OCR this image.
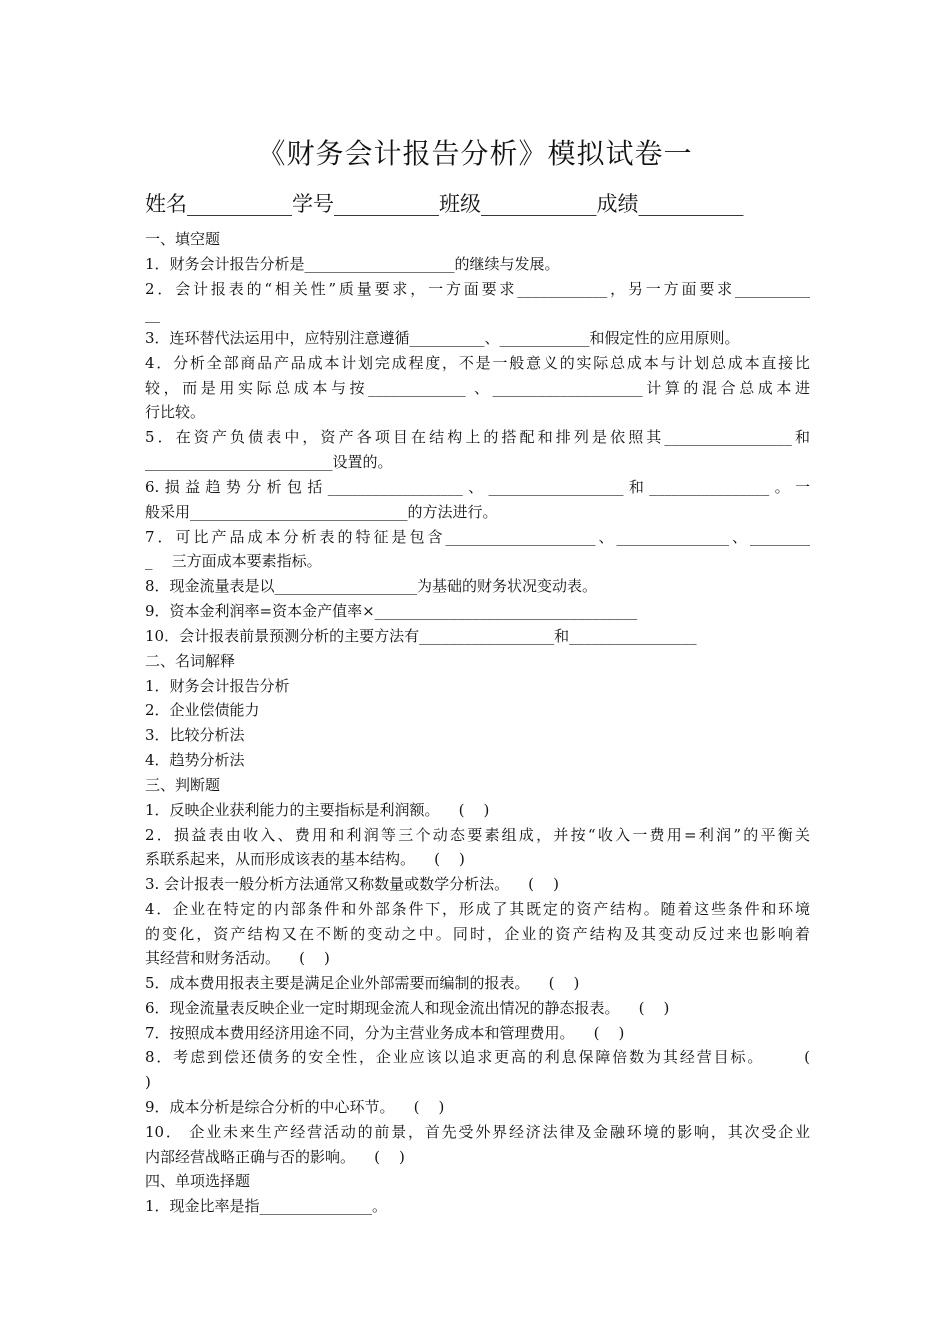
《财务会计报告分析》模拟试卷一
姓名__________学号__________班级___________成绩__________
一、填空题
1．财务会计报告分析是____________________的继续与发展。
2．会计报表的“相关性”质量要求，一方面要求____________，另一方面要求__________
__
3．连环替代法运用中，应特别注意遵循__________、____________和假定性的应用原则。
4．分析全部商品产品成本计划完成程度，不是一般意义的实际总成本与计划总成本直接比
较，而是用实际总成本与按_____________ 、____________________计算的混合总成本进
行比较。
5．在资产负债表中，资产各项目在结构上的搭配和排列是依照其_________________和
_________________________设置的。
6.损益趋势分析包括__________________、__________________和________________。一
般采用_____________________________的方法进行。
7．可比产品成本分析表的特征是包含____________________、_______________、________
_    三方面成本要素指标。
8．现金流量表是以___________________为基础的财务状况变动表。
9．资本金利润率=资本金产值率×___________________________________
10．会计报表前景预测分析的主要方法有__________________和_________________
二、名词解释
1．财务会计报告分析
2．企业偿债能力
3．比较分析法
4．趋势分析法
三、判断题
1．反映企业获利能力的主要指标是利润额。    (    )
2．损益表由收入、费用和利润等三个动态要素组成，并按“收入一费用=利润”的平衡关
系联系起来，从而形成该表的基本结构。    (    )
3. 会计报表一般分析方法通常又称数量或数学分析法。    (    )
4．企业在特定的内部条件和外部条件下，形成了其既定的资产结构。随着这些条件和环境
的变化，资产结构又在不断的变动之中。同时，企业的资产结构及其变动反过来也影响着
其经营和财务活动。    (    )
5．成本费用报表主要是满足企业外部需要而编制的报表。    (    )
6．现金流量表反映企业一定时期现金流人和现金流出情况的静态报表。    (    )
7．按照成本费用经济用途不同，分为主营业务成本和管理费用。    (    )
8．考虑到偿还债务的安全性，企业应该以追求更高的利息保障倍数为其经营目标。      (
)
9．成本分析是综合分析的中心环节。    (    )
10． 企业未来生产经营活动的前景，首先受外界经济法律及金融环境的影响，其次受企业
内部经营战略正确与否的影响。    (    )
四、单项选择题
1．现金比率是指_______________。
